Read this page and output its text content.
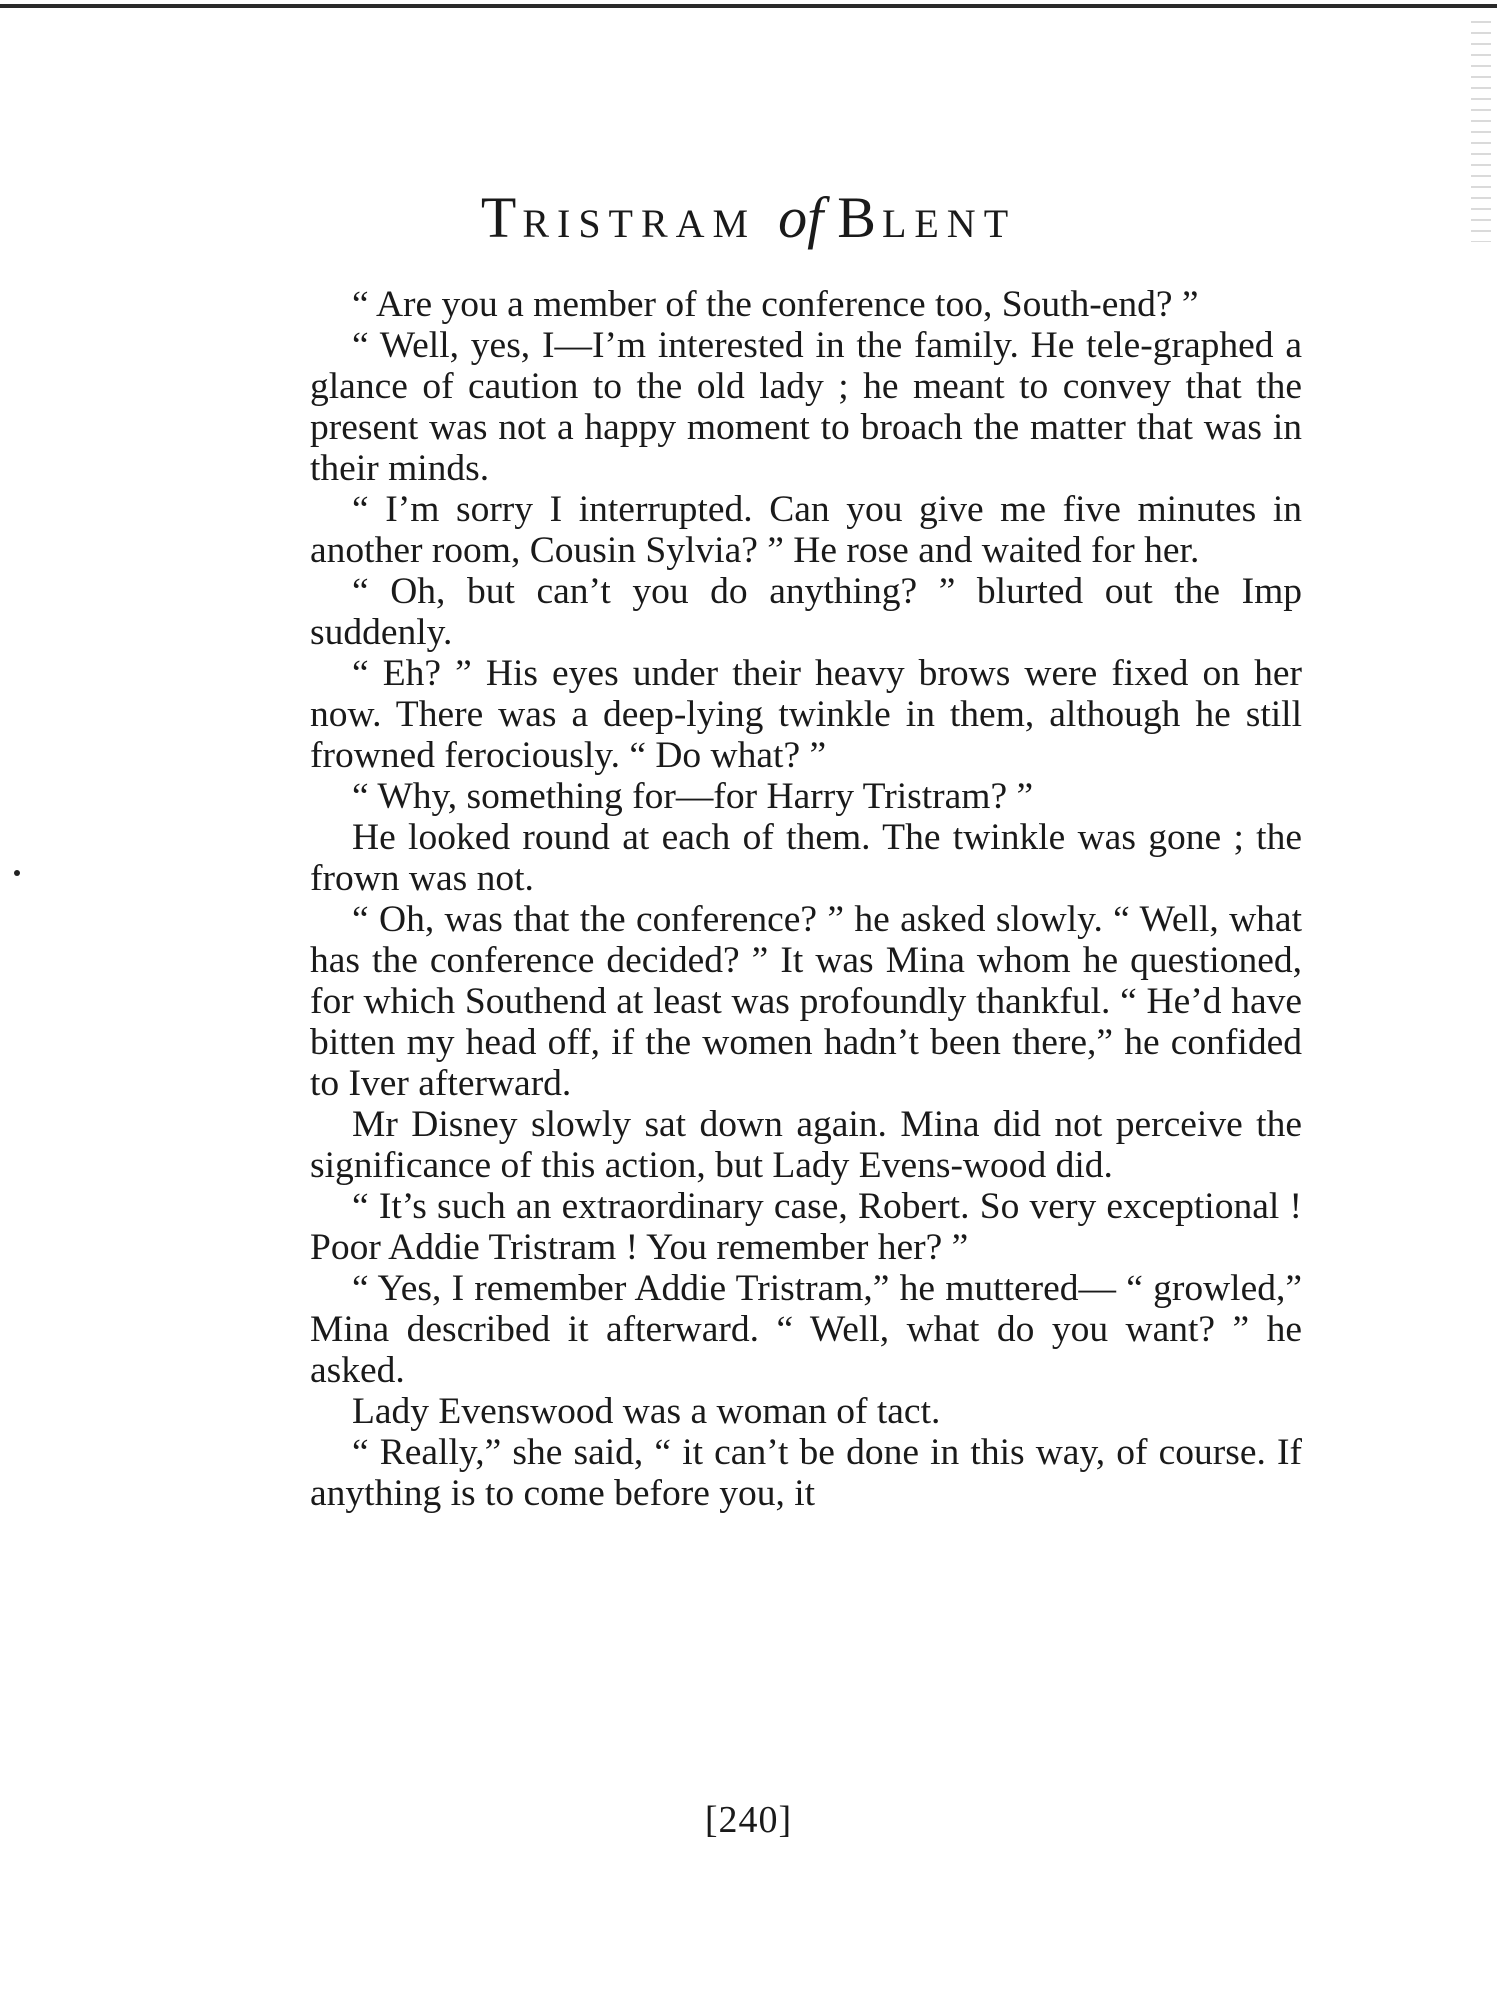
TRISTRAM of BLENT

“ Are you a member of the conference too, South-end? ”

“ Well, yes, I—I’m interested in the family. He tele-graphed a glance of caution to the old lady ; he meant to convey that the present was not a happy moment to broach the matter that was in their minds.

“ I’m sorry I interrupted. Can you give me five minutes in another room, Cousin Sylvia? ” He rose and waited for her.

“ Oh, but can’t you do anything? ” blurted out the Imp suddenly.

“ Eh? ” His eyes under their heavy brows were fixed on her now. There was a deep-lying twinkle in them, although he still frowned ferociously. “ Do what? ”

“ Why, something for—for Harry Tristram? ”

He looked round at each of them. The twinkle was gone ; the frown was not.

“ Oh, was that the conference? ” he asked slowly. “ Well, what has the conference decided? ” It was Mina whom he questioned, for which Southend at least was profoundly thankful. “ He’d have bitten my head off, if the women hadn’t been there,” he confided to Iver afterward.

Mr Disney slowly sat down again. Mina did not perceive the significance of this action, but Lady Evens-wood did.

“ It’s such an extraordinary case, Robert. So very exceptional ! Poor Addie Tristram ! You remember her? ”

“ Yes, I remember Addie Tristram,” he muttered— “ growled,” Mina described it afterward. “ Well, what do you want? ” he asked.

Lady Evenswood was a woman of tact.

“ Really,” she said, “ it can’t be done in this way, of course. If anything is to come before you, it

[240]
